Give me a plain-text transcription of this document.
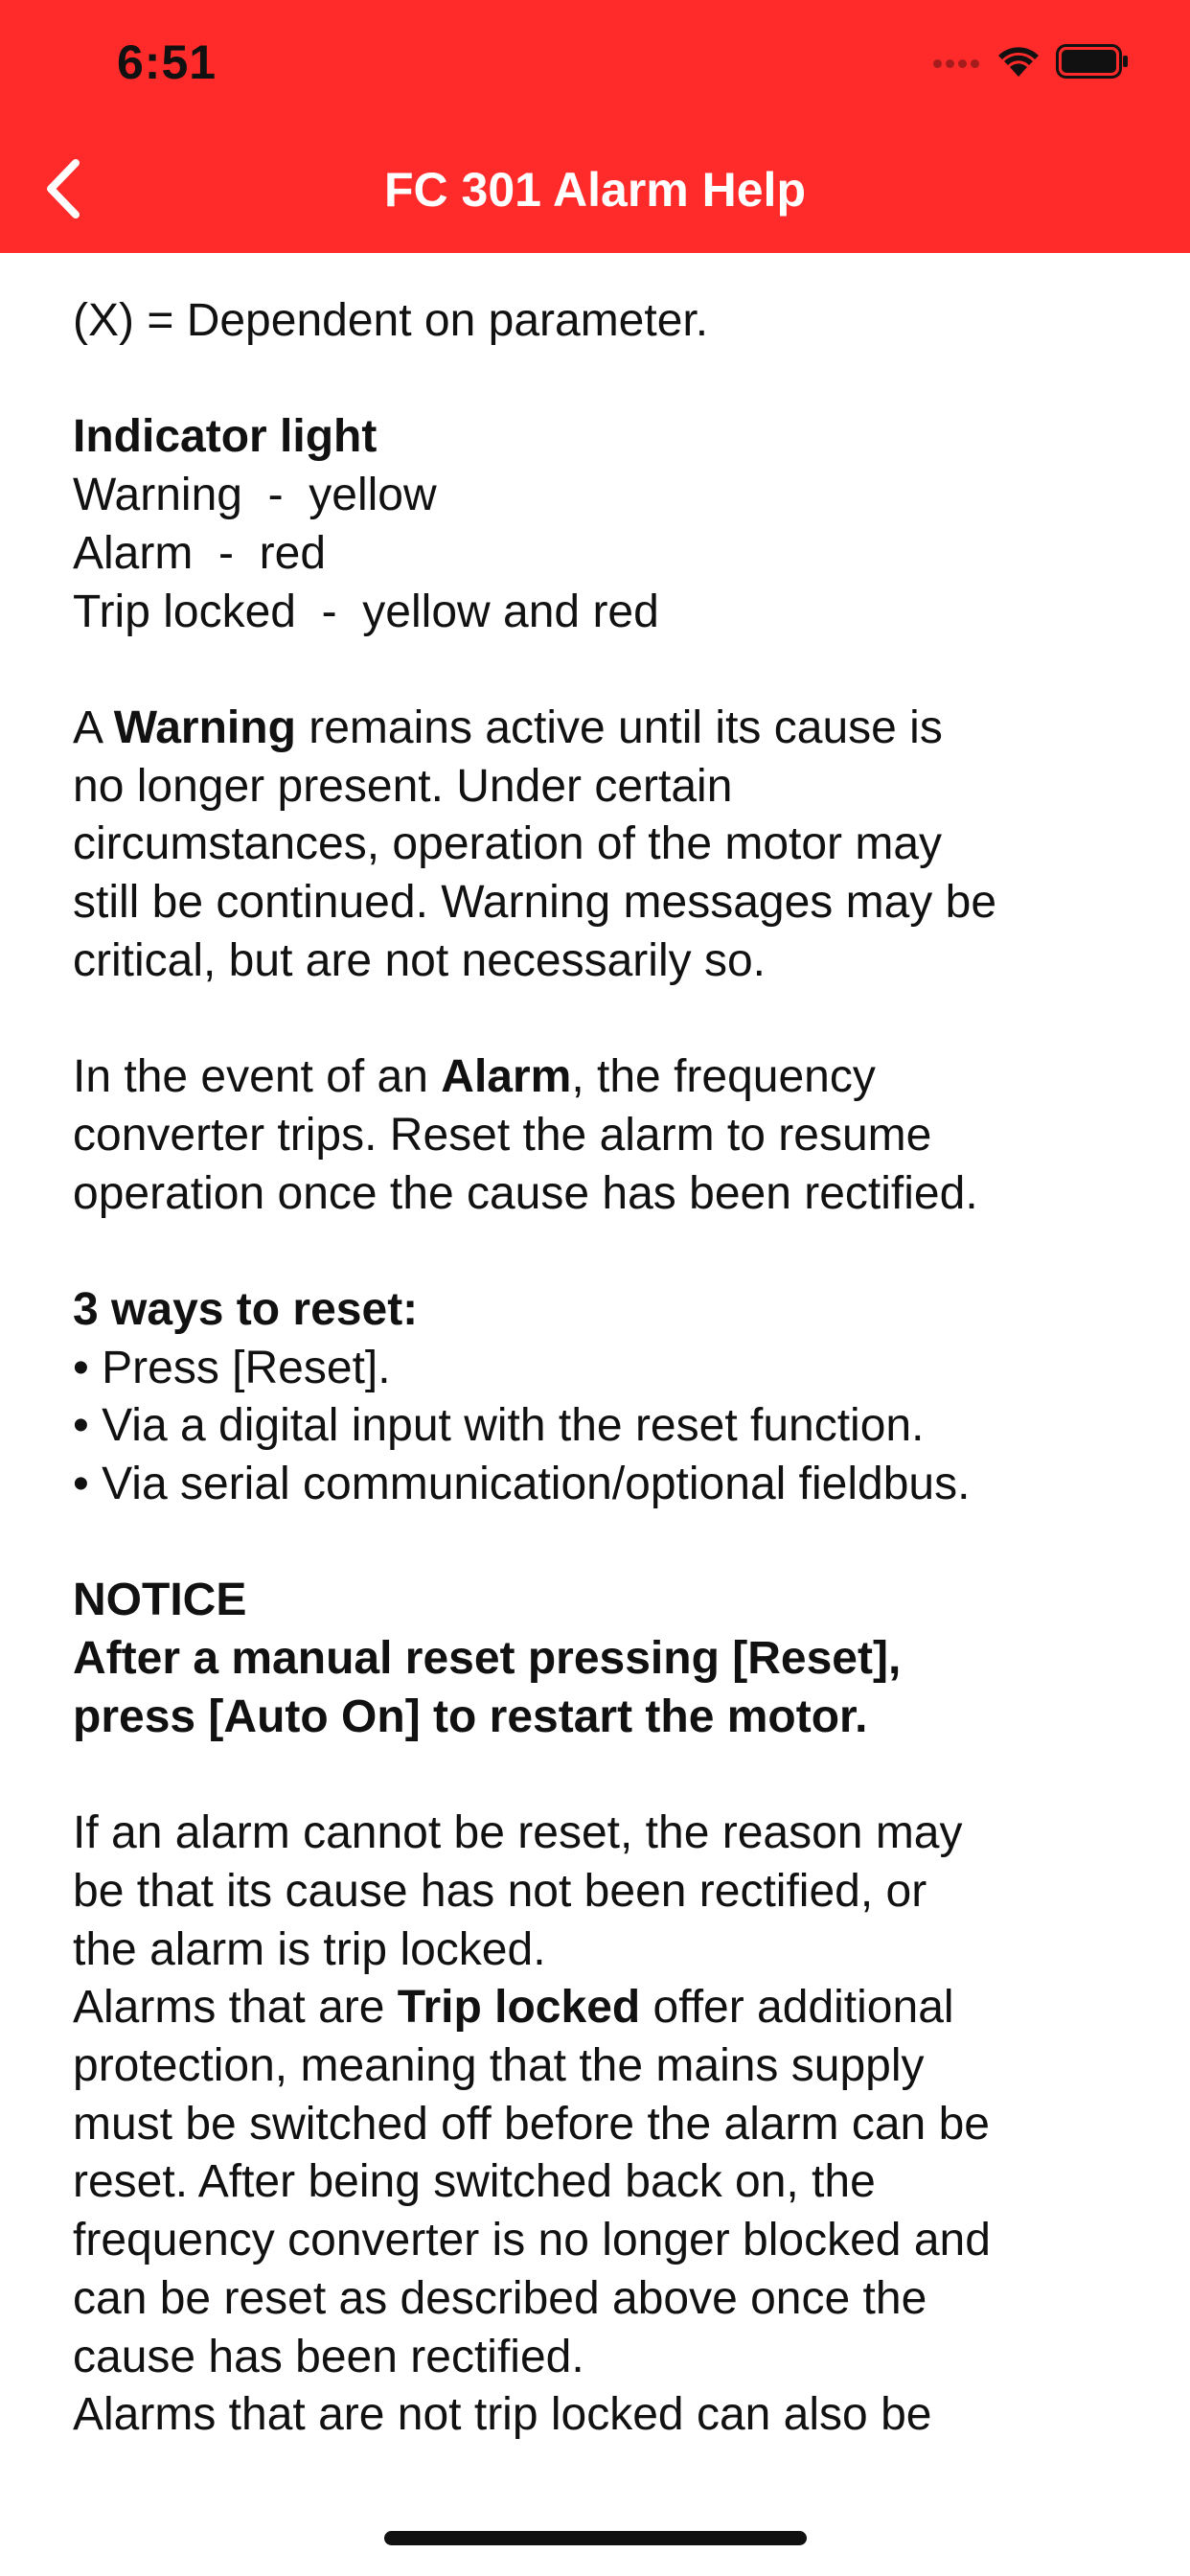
6:51
FC 301 Alarm Help

(X) = Dependent on parameter.

Indicator light

Warning  -  yellow

Alarm  -  red

Trip locked  -  yellow and red

A Warning remains active until its cause is

no longer present. Under certain

circumstances, operation of the motor may

still be continued. Warning messages may be

critical, but are not necessarily so.

In the event of an Alarm, the frequency

converter trips. Reset the alarm to resume

operation once the cause has been rectified.

3 ways to reset:

• Press [Reset].

• Via a digital input with the reset function.

• Via serial communication/optional fieldbus.

NOTICE

After a manual reset pressing [Reset],

press [Auto On] to restart the motor.

If an alarm cannot be reset, the reason may

be that its cause has not been rectified, or

the alarm is trip locked.

Alarms that are Trip locked offer additional

protection, meaning that the mains supply

must be switched off before the alarm can be

reset. After being switched back on, the

frequency converter is no longer blocked and

can be reset as described above once the

cause has been rectified.

Alarms that are not trip locked can also be
